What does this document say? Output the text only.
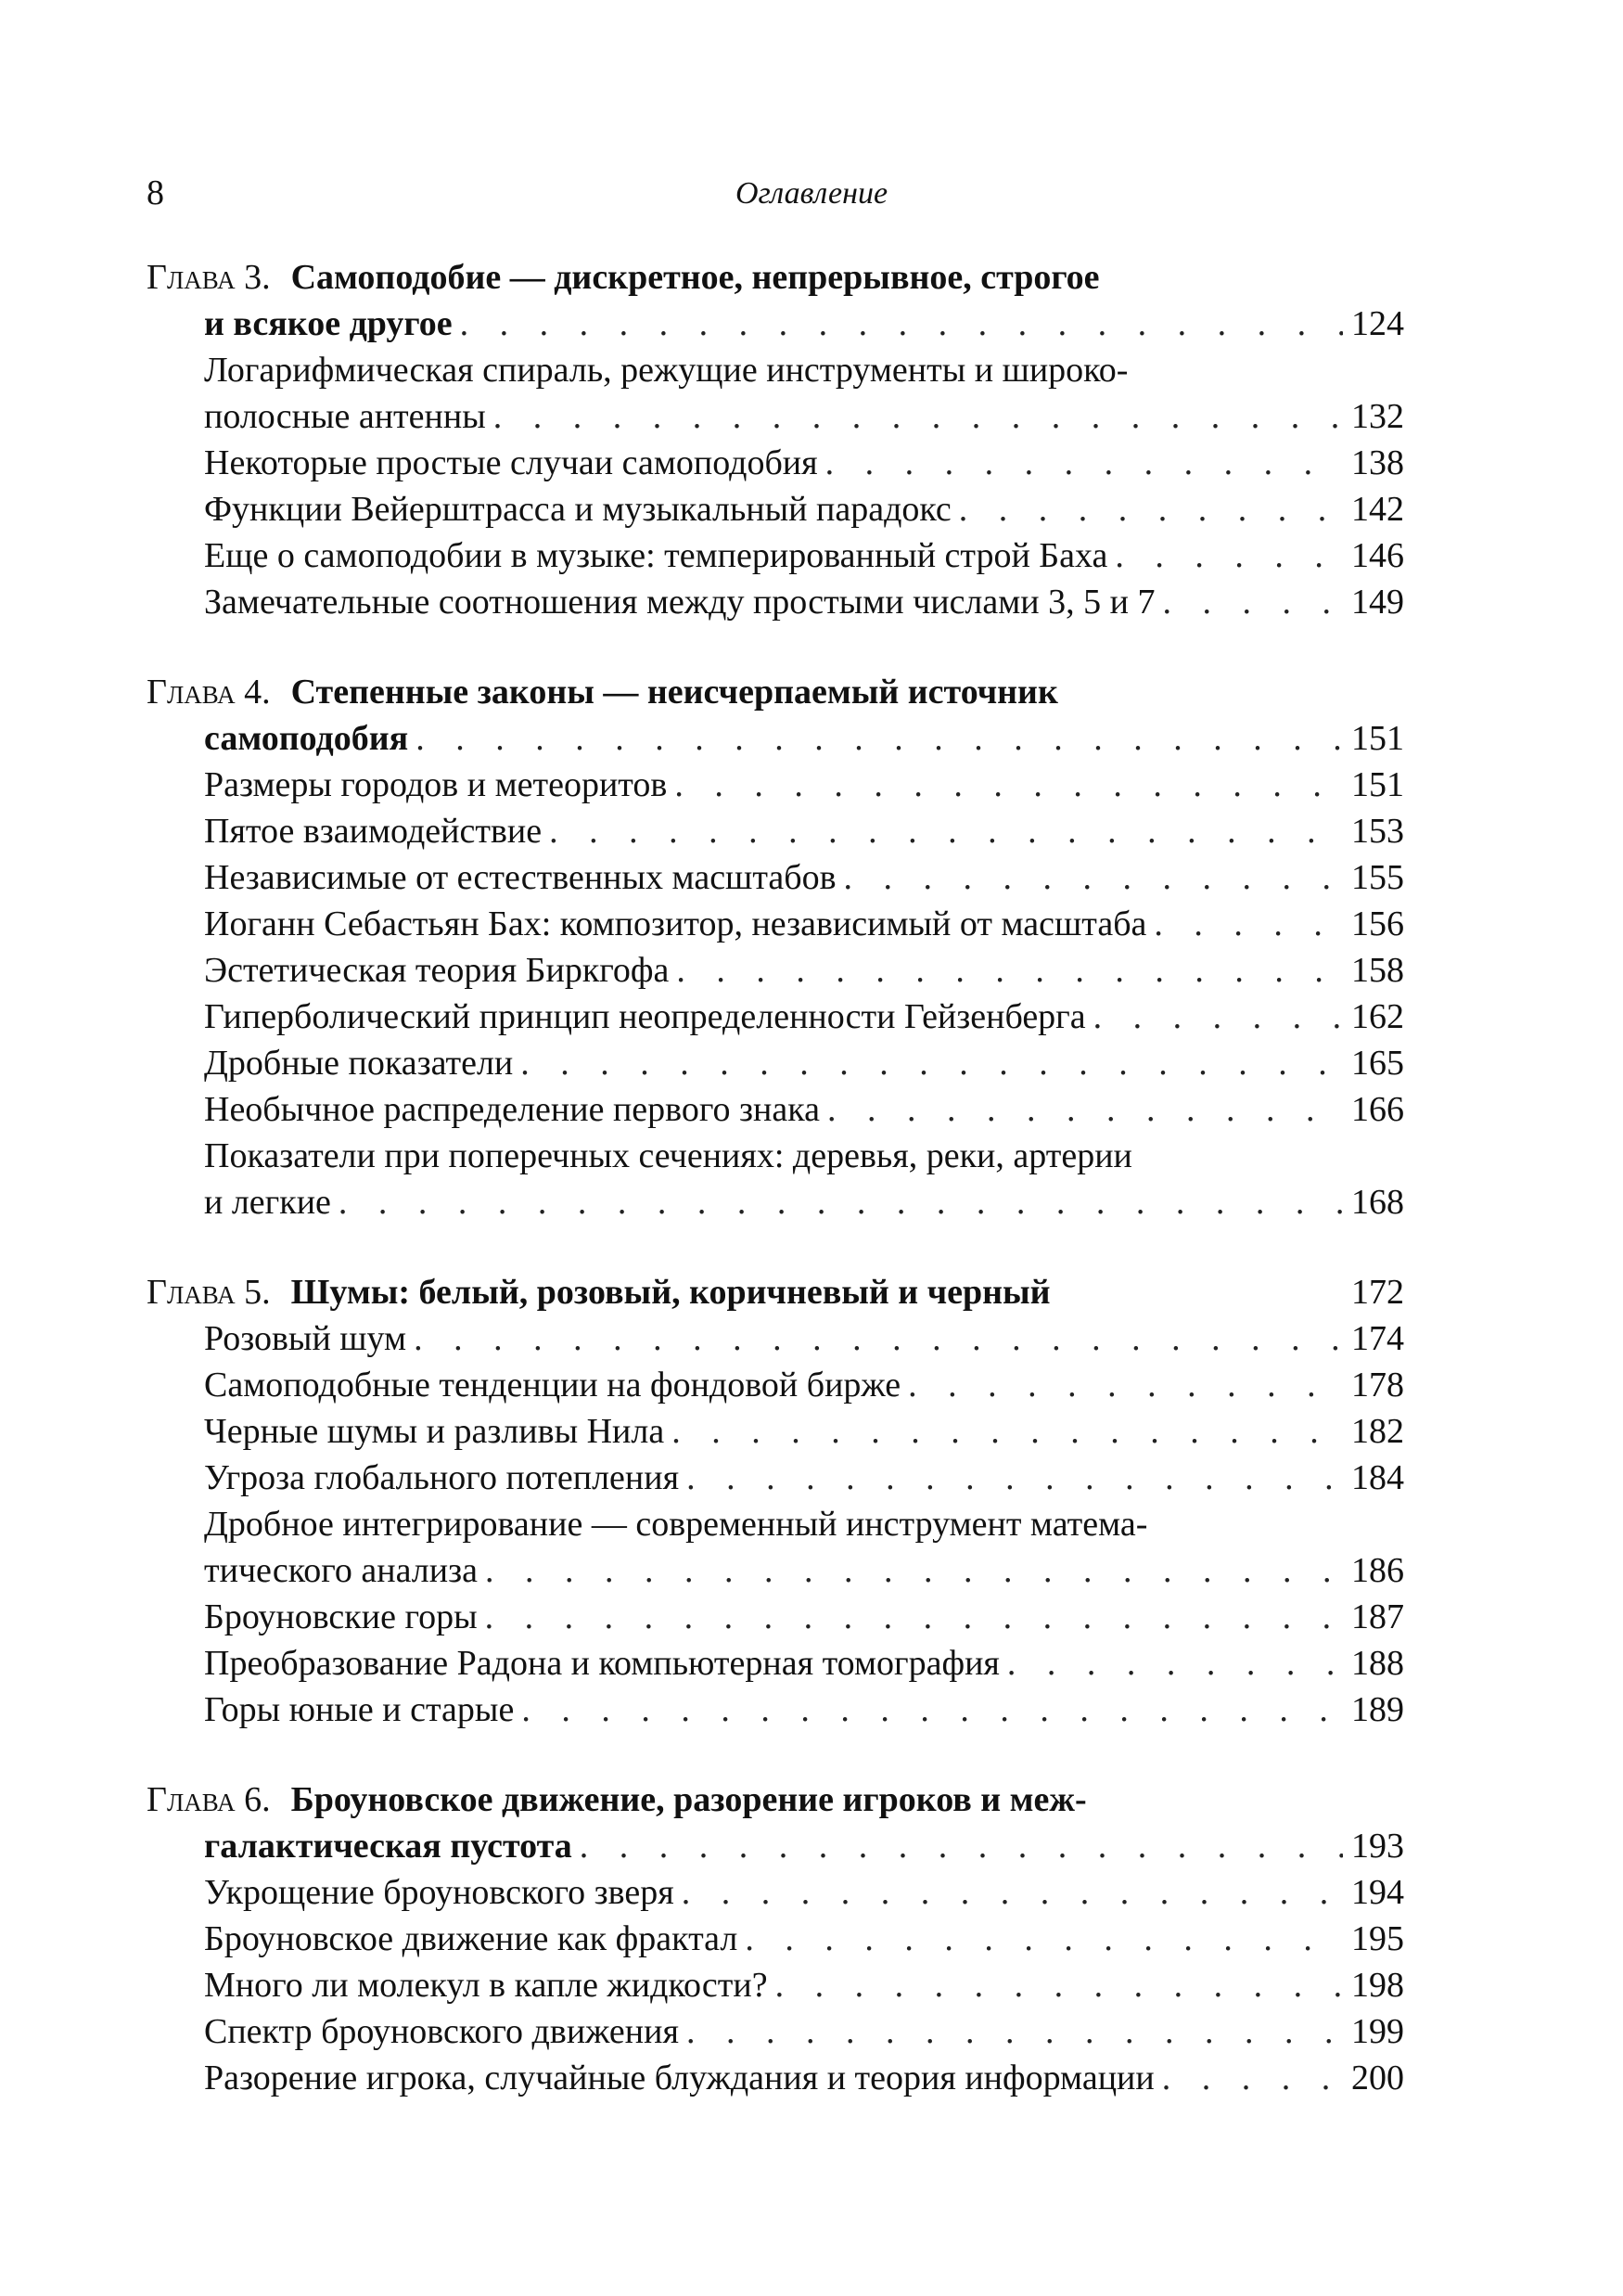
8	Оглавление
Глава 3. Самоподобие — дискретное, непрерывное, строгое
и всякое другое . . .	124
Логарифмическая спираль, режущие инструменты и широко-
полосные антенны . . .	132
Некоторые простые случаи самоподобия . . .	138
Функции Вейерштрасса и музыкальный парадокс . . .	142
Еще о самоподобии в музыке: темперированный строй Баха . . .	146
Замечательные соотношения между простыми числами 3, 5 и 7 . . .	149
Глава 4. Степенные законы — неисчерпаемый источник
самоподобия . . .	151
Размеры городов и метеоритов . . .	151
Пятое взаимодействие . . .	153
Независимые от естественных масштабов . . .	155
Иоганн Себастьян Бах: композитор, независимый от масштаба . . .	156
Эстетическая теория Биркгофа . . .	158
Гиперболический принцип неопределенности Гейзенберга . . .	162
Дробные показатели . . .	165
Необычное распределение первого знака . . .	166
Показатели при поперечных сечениях: деревья, реки, артерии
и легкие . . .	168
Глава 5. Шумы: белый, розовый, коричневый и черный	172
Розовый шум . . .	174
Самоподобные тенденции на фондовой бирже . . .	178
Черные шумы и разливы Нила . . .	182
Угроза глобального потепления . . .	184
Дробное интегрирование — современный инструмент матема-
тического анализа . . .	186
Броуновские горы . . .	187
Преобразование Радона и компьютерная томография . . .	188
Горы юные и старые . . .	189
Глава 6. Броуновское движение, разорение игроков и меж-
галактическая пустота . . .	193
Укрощение броуновского зверя . . .	194
Броуновское движение как фрактал . . .	195
Много ли молекул в капле жидкости? . . .	198
Спектр броуновского движения . . .	199
Разорение игрока, случайные блуждания и теория информации . . .	200
